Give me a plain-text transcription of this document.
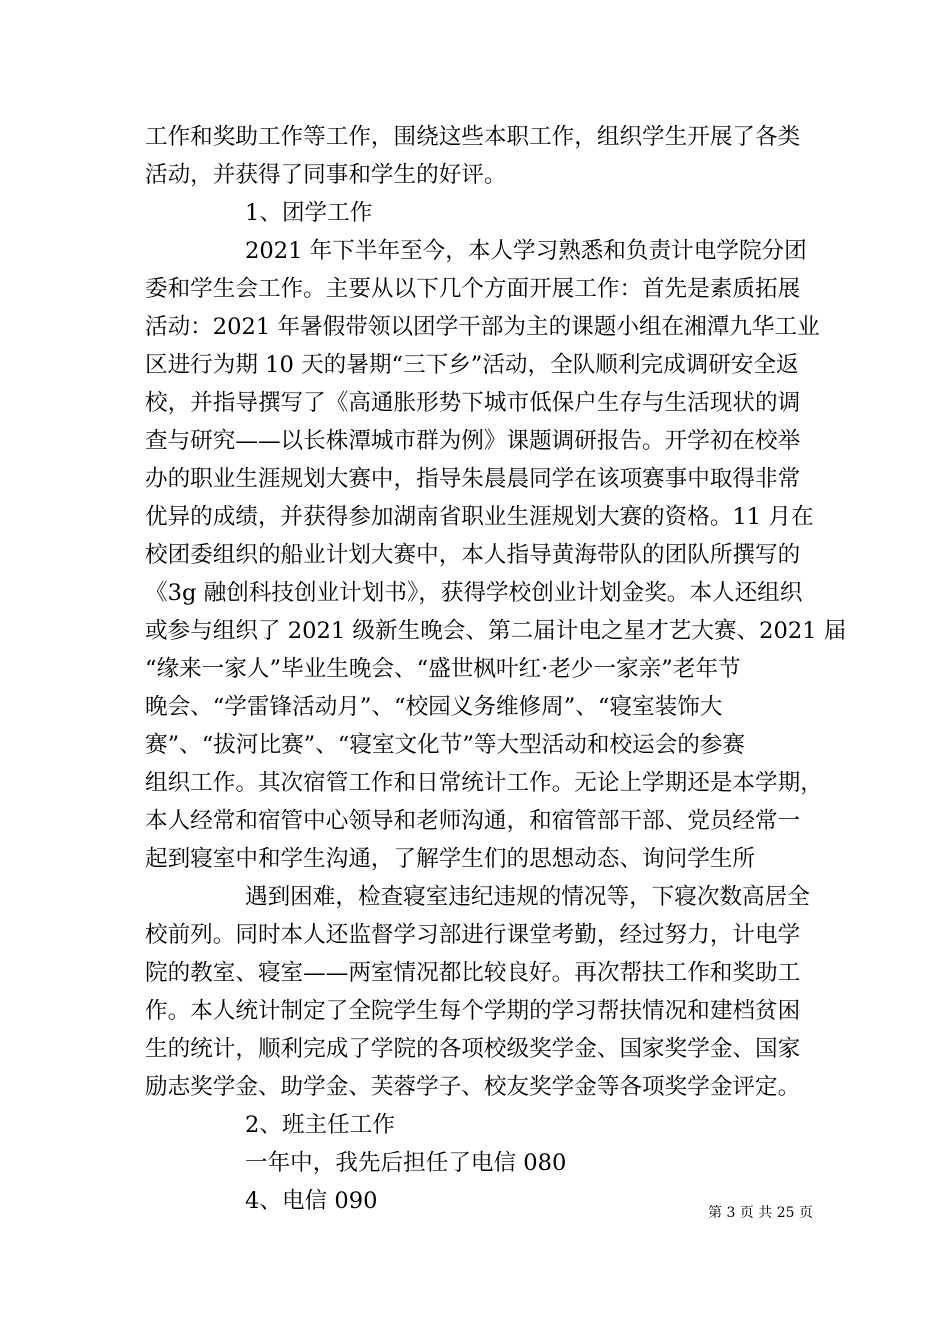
工作和奖助工作等工作，围绕这些本职工作，组织学生开展了各类
活动，并获得了同事和学生的好评。
1、团学工作
2021 年下半年至今，本人学习熟悉和负责计电学院分团
委和学生会工作。主要从以下几个方面开展工作：首先是素质拓展
活动：2021 年暑假带领以团学干部为主的课题小组在湘潭九华工业
区进行为期 10 天的暑期“三下乡”活动，全队顺利完成调研安全返
校，并指导撰写了《高通胀形势下城市低保户生存与生活现状的调
查与研究——以长株潭城市群为例》课题调研报告。开学初在校举
办的职业生涯规划大赛中，指导朱晨晨同学在该项赛事中取得非常
优异的成绩，并获得参加湖南省职业生涯规划大赛的资格。11 月在
校团委组织的船业计划大赛中，本人指导黄海带队的团队所撰写的
《3g 融创科技创业计划书》，获得学校创业计划金奖。本人还组织
或参与组织了 2021 级新生晚会、第二届计电之星才艺大赛、2021 届
“缘来一家人”毕业生晚会、“盛世枫叶红·老少一家亲”老年节
晚会、“学雷锋活动月”、“校园义务维修周”、“寝室装饰大
赛”、“拔河比赛”、“寝室文化节”等大型活动和校运会的参赛
组织工作。其次宿管工作和日常统计工作。无论上学期还是本学期，
本人经常和宿管中心领导和老师沟通，和宿管部干部、党员经常一
起到寝室中和学生沟通，了解学生们的思想动态、询问学生所
遇到困难，检查寝室违纪违规的情况等，下寝次数高居全
校前列。同时本人还监督学习部进行课堂考勤，经过努力，计电学
院的教室、寝室——两室情况都比较良好。再次帮扶工作和奖助工
作。本人统计制定了全院学生每个学期的学习帮扶情况和建档贫困
生的统计，顺利完成了学院的各项校级奖学金、国家奖学金、国家
励志奖学金、助学金、芙蓉学子、校友奖学金等各项奖学金评定。
2、班主任工作
一年中，我先后担任了电信 080
4、电信 090	第 3 页 共 25 页
